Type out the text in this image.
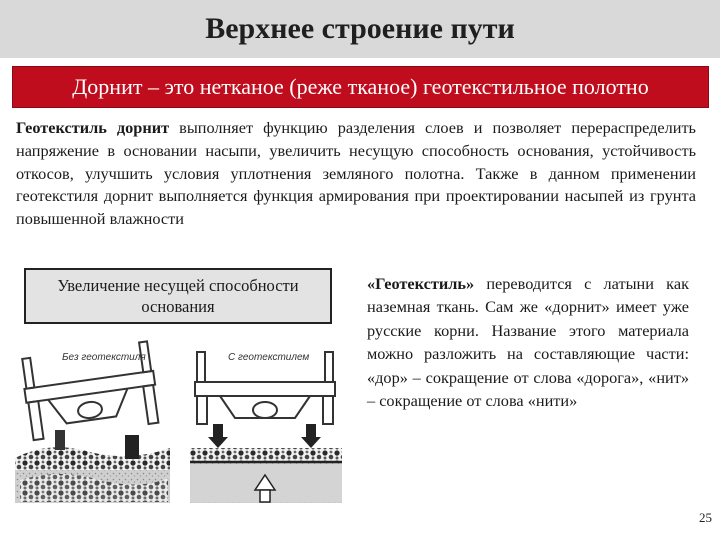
Верхнее строение пути
Дорнит – это нетканое (реже тканое) геотекстильное полотно

Геотекстиль дорнит выполняет функцию разделения слоев и позволяет перераспределить напряжение в основании насыпи, увеличить несущую способность основания, устойчивость откосов, улучшить условия уплотнения земляного полотна. Также в данном применении геотекстиля дорнит выполняется функция армирования при проектировании насыпей из грунта повышенной влажности

Увеличение несущей способности основания

«Геотекстиль» переводится с латыни как наземная ткань. Сам же «дорнит» имеет уже русские корни. Название этого материала можно разложить на составляющие части: «дор» – сокращение от слова «дорога», «нит» – сокращение от слова «нити»

Без геотекстиля	С геотекстилем
25
